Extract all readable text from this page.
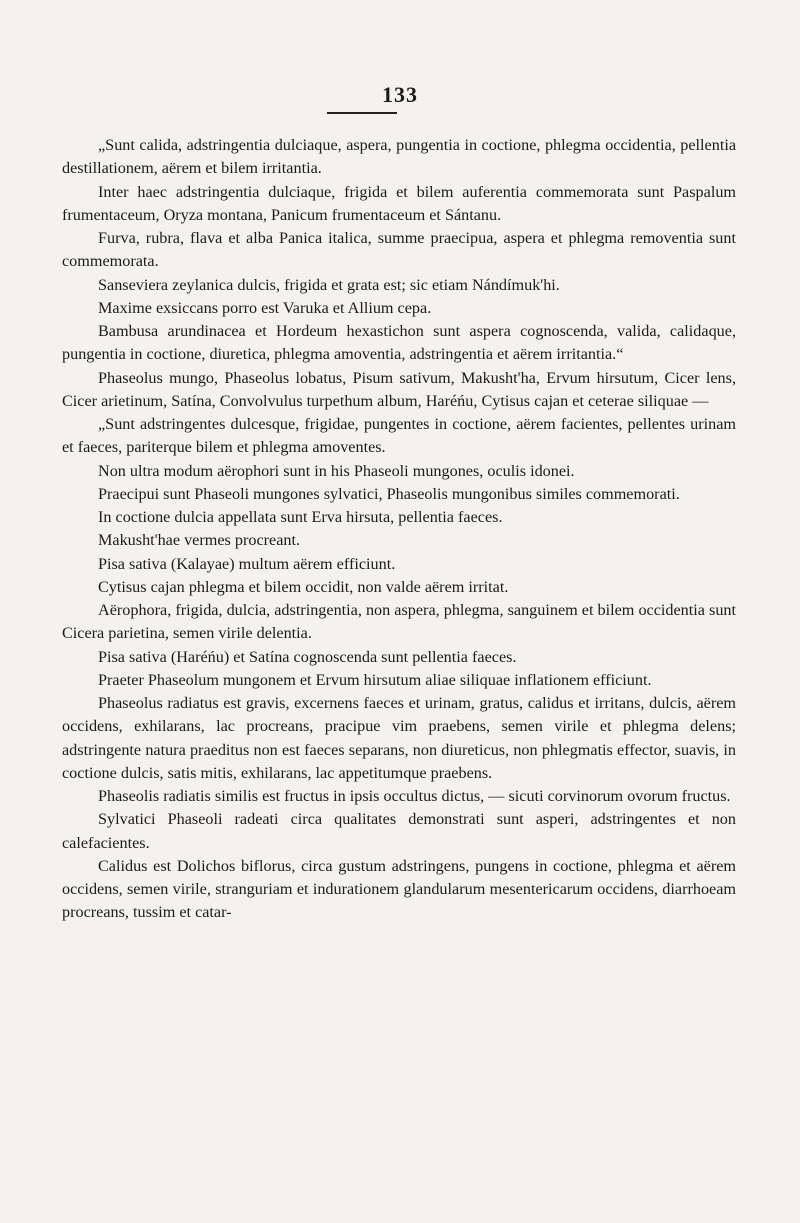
133

„Sunt calida, adstringentia dulciaque, aspera, pungentia in coctione, phlegma occidentia, pellentia destillationem, aërem et bilem irritantia.

Inter haec adstringentia dulciaque, frigida et bilem auferentia commemorata sunt Paspalum frumentaceum, Oryza montana, Panicum frumentaceum et Sántanu.

Furva, rubra, flava et alba Panica italica, summe praecipua, aspera et phlegma removentia sunt commemorata.

Sanseviera zeylanica dulcis, frigida et grata est; sic etiam Nándímuk'hi.

Maxime exsiccans porro est Varuka et Allium cepa.

Bambusa arundinacea et Hordeum hexastichon sunt aspera cognoscenda, valida, calidaque, pungentia in coctione, diuretica, phlegma amoventia, adstringentia et aërem irritantia.“

Phaseolus mungo, Phaseolus lobatus, Pisum sativum, Makusht'ha, Ervum hirsutum, Cicer lens, Cicer arietinum, Satína, Convolvulus turpethum album, Haréńu, Cytisus cajan et ceterae siliquae —

„Sunt adstringentes dulcesque, frigidae, pungentes in coctione, aërem facientes, pellentes urinam et faeces, pariterque bilem et phlegma amoventes.

Non ultra modum aërophori sunt in his Phaseoli mungones, oculis idonei.

Praecipui sunt Phaseoli mungones sylvatici, Phaseolis mungonibus similes commemorati.

In coctione dulcia appellata sunt Erva hirsuta, pellentia faeces.

Makusht'hae vermes procreant.

Pisa sativa (Kalayae) multum aërem efficiunt.

Cytisus cajan phlegma et bilem occidit, non valde aërem irritat.

Aërophora, frigida, dulcia, adstringentia, non aspera, phlegma, sanguinem et bilem occidentia sunt Cicera parietina, semen virile delentia.

Pisa sativa (Haréńu) et Satína cognoscenda sunt pellentia faeces.

Praeter Phaseolum mungonem et Ervum hirsutum aliae siliquae inflationem efficiunt.

Phaseolus radiatus est gravis, excernens faeces et urinam, gratus, calidus et irritans, dulcis, aërem occidens, exhilarans, lac procreans, pracipue vim praebens, semen virile et phlegma delens; adstringente natura praeditus non est faeces separans, non diureticus, non phlegmatis effector, suavis, in coctione dulcis, satis mitis, exhilarans, lac appetitumque praebens.

Phaseolis radiatis similis est fructus in ipsis occultus dictus, — sicuti corvinorum ovorum fructus.

Sylvatici Phaseoli radeati circa qualitates demonstrati sunt asperi, adstringentes et non calefacientes.

Calidus est Dolichos biflorus, circa gustum adstringens, pungens in coctione, phlegma et aërem occidens, semen virile, stranguriam et indurationem glandularum mesentericarum occidens, diarrhoeam procreans, tussim et catar-
